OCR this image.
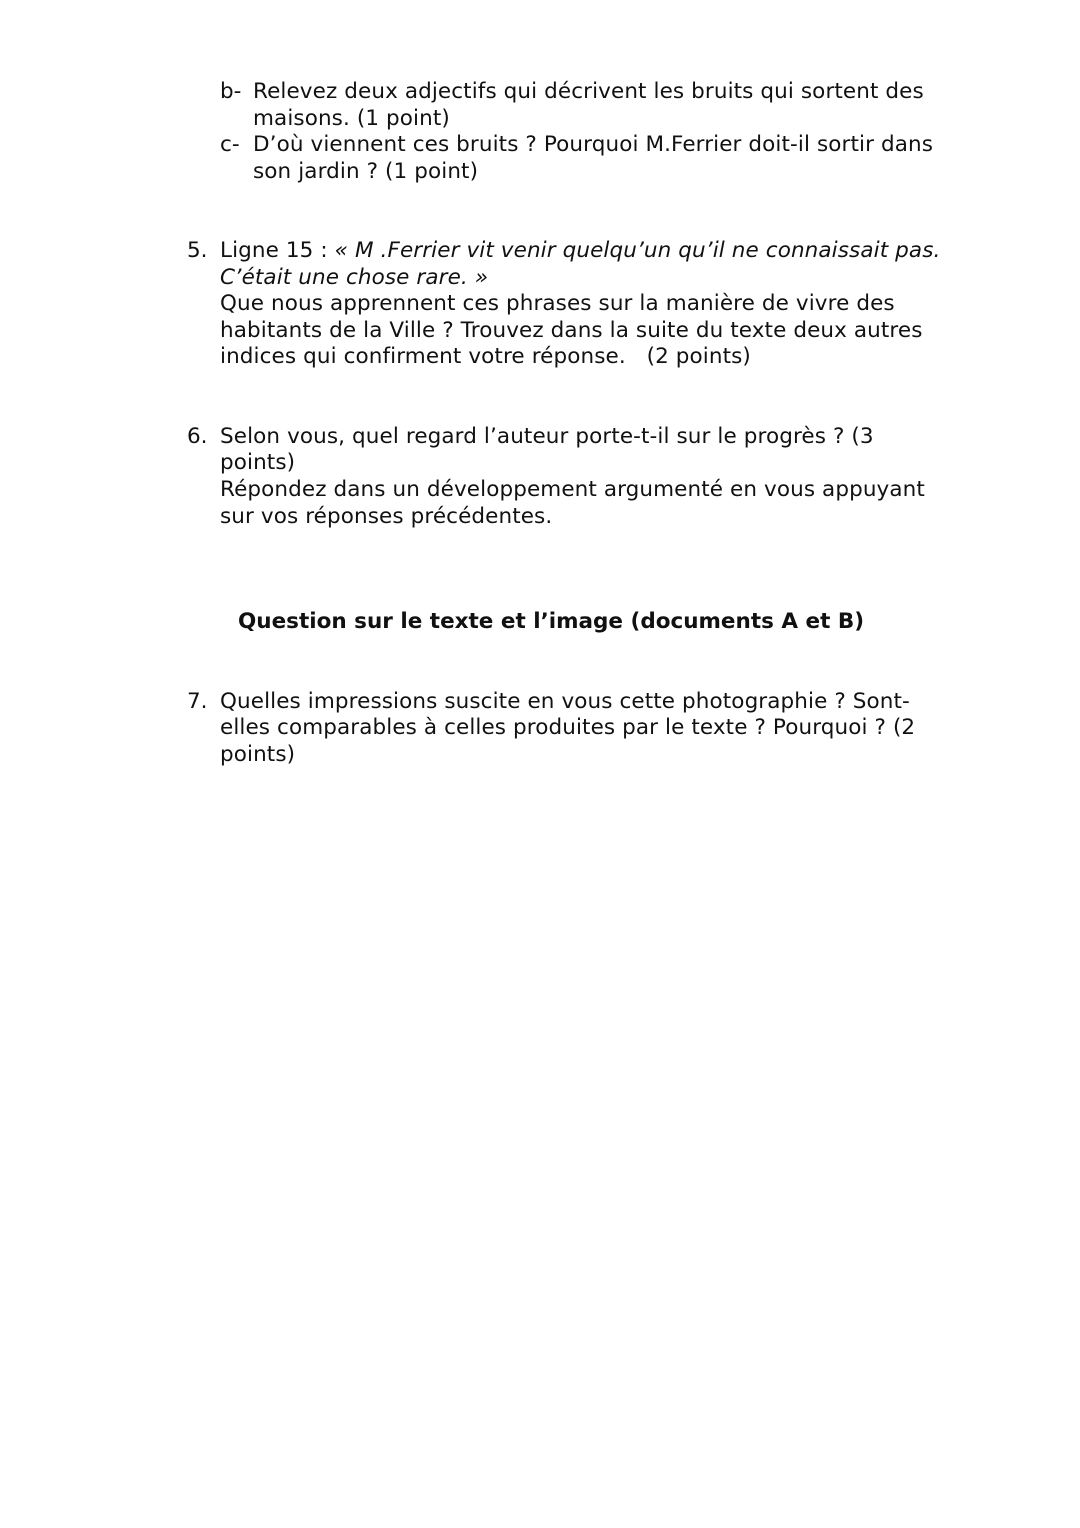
b- Relevez deux adjectifs qui décrivent les bruits qui sortent des
maisons. (1 point)
c- D’où viennent ces bruits ? Pourquoi M.Ferrier doit-il sortir dans
son jardin ? (1 point)
5. Ligne 15 : « M .Ferrier vit venir quelqu’un qu’il ne connaissait pas.
C’était une chose rare. »
Que nous apprennent ces phrases sur la manière de vivre des
habitants de la Ville ? Trouvez dans la suite du texte deux autres
indices qui confirment votre réponse.   (2 points)
6. Selon vous, quel regard l’auteur porte-t-il sur le progrès ? (3
points)
Répondez dans un développement argumenté en vous appuyant
sur vos réponses précédentes.
Question sur le texte et l’image (documents A et B)
7. Quelles impressions suscite en vous cette photographie ? Sont-
elles comparables à celles produites par le texte ? Pourquoi ? (2
points)
